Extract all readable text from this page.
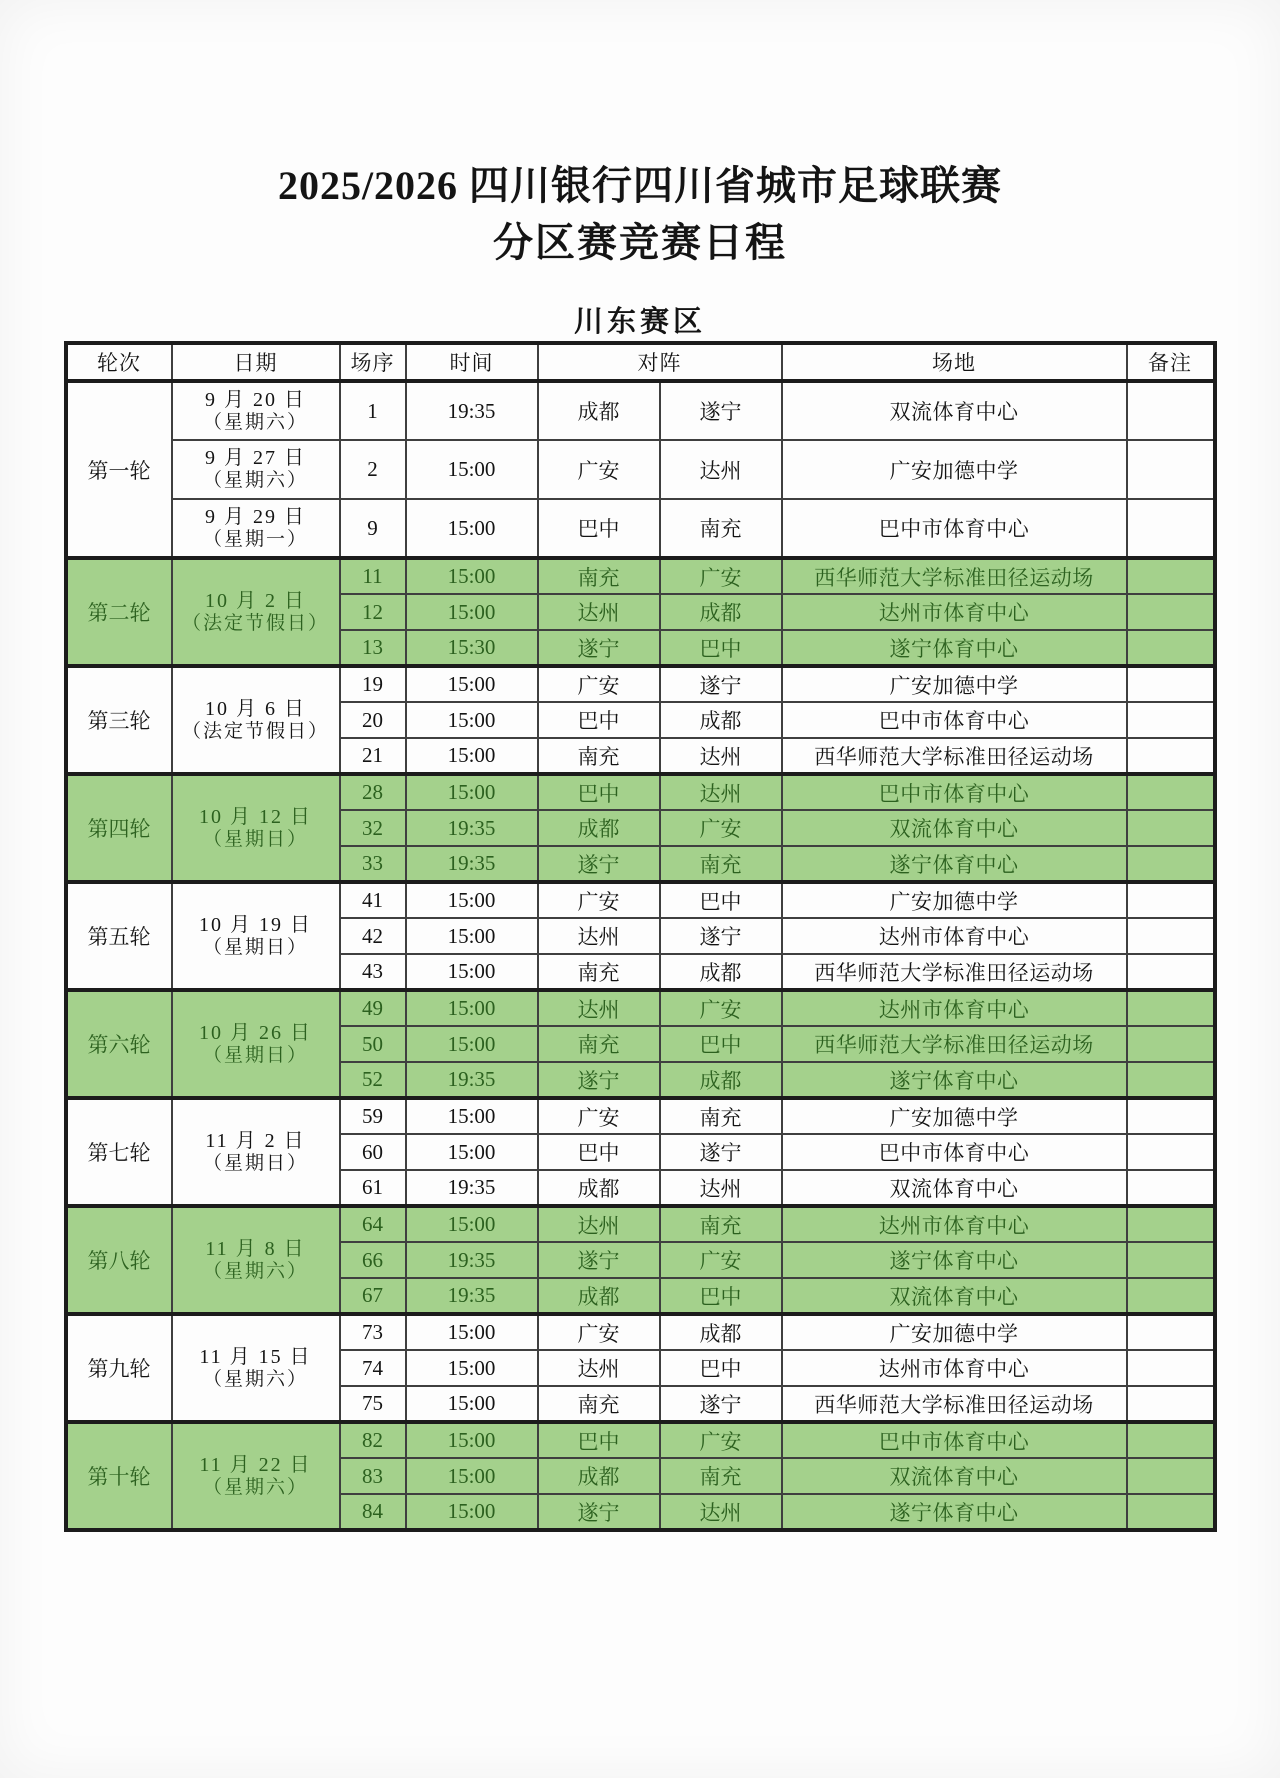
2025/2026 四川银行四川省城市足球联赛
分区赛竞赛日程
川东赛区
轮次	日期	场序	时间	对阵		场地	备注
第一轮	9 月 20 日
（星期六）	1	19:35	成都	遂宁	双流体育中心	

	9 月 27 日
（星期六）	2	15:00	广安	达州	广安加德中学	

	9 月 29 日
（星期一）	9	15:00	巴中	南充	巴中市体育中心	
第二轮	10 月 2 日
（法定节假日）	11	15:00	南充	广安	西华师范大学标准田径运动场	
		12	15:00	达州	成都	达州市体育中心	
		13	15:30	遂宁	巴中	遂宁体育中心	
第三轮	10 月 6 日
（法定节假日）	19	15:00	广安	遂宁	广安加德中学	
		20	15:00	巴中	成都	巴中市体育中心	
		21	15:00	南充	达州	西华师范大学标准田径运动场	
第四轮	10 月 12 日
（星期日）	28	15:00	巴中	达州	巴中市体育中心	
		32	19:35	成都	广安	双流体育中心	
		33	19:35	遂宁	南充	遂宁体育中心	
第五轮	10 月 19 日
（星期日）	41	15:00	广安	巴中	广安加德中学	
		42	15:00	达州	遂宁	达州市体育中心	
		43	15:00	南充	成都	西华师范大学标准田径运动场	
第六轮	10 月 26 日
（星期日）	49	15:00	达州	广安	达州市体育中心	
		50	15:00	南充	巴中	西华师范大学标准田径运动场	
		52	19:35	遂宁	成都	遂宁体育中心	
第七轮	11 月 2 日
（星期日）	59	15:00	广安	南充	广安加德中学	
		60	15:00	巴中	遂宁	巴中市体育中心	
		61	19:35	成都	达州	双流体育中心	
第八轮	11 月 8 日
（星期六）	64	15:00	达州	南充	达州市体育中心	
		66	19:35	遂宁	广安	遂宁体育中心	
		67	19:35	成都	巴中	双流体育中心	
第九轮	11 月 15 日
（星期六）	73	15:00	广安	成都	广安加德中学	
		74	15:00	达州	巴中	达州市体育中心	
		75	15:00	南充	遂宁	西华师范大学标准田径运动场	
第十轮	11 月 22 日
（星期六）	82	15:00	巴中	广安	巴中市体育中心	
		83	15:00	成都	南充	双流体育中心	
		84	15:00	遂宁	达州	遂宁体育中心	
